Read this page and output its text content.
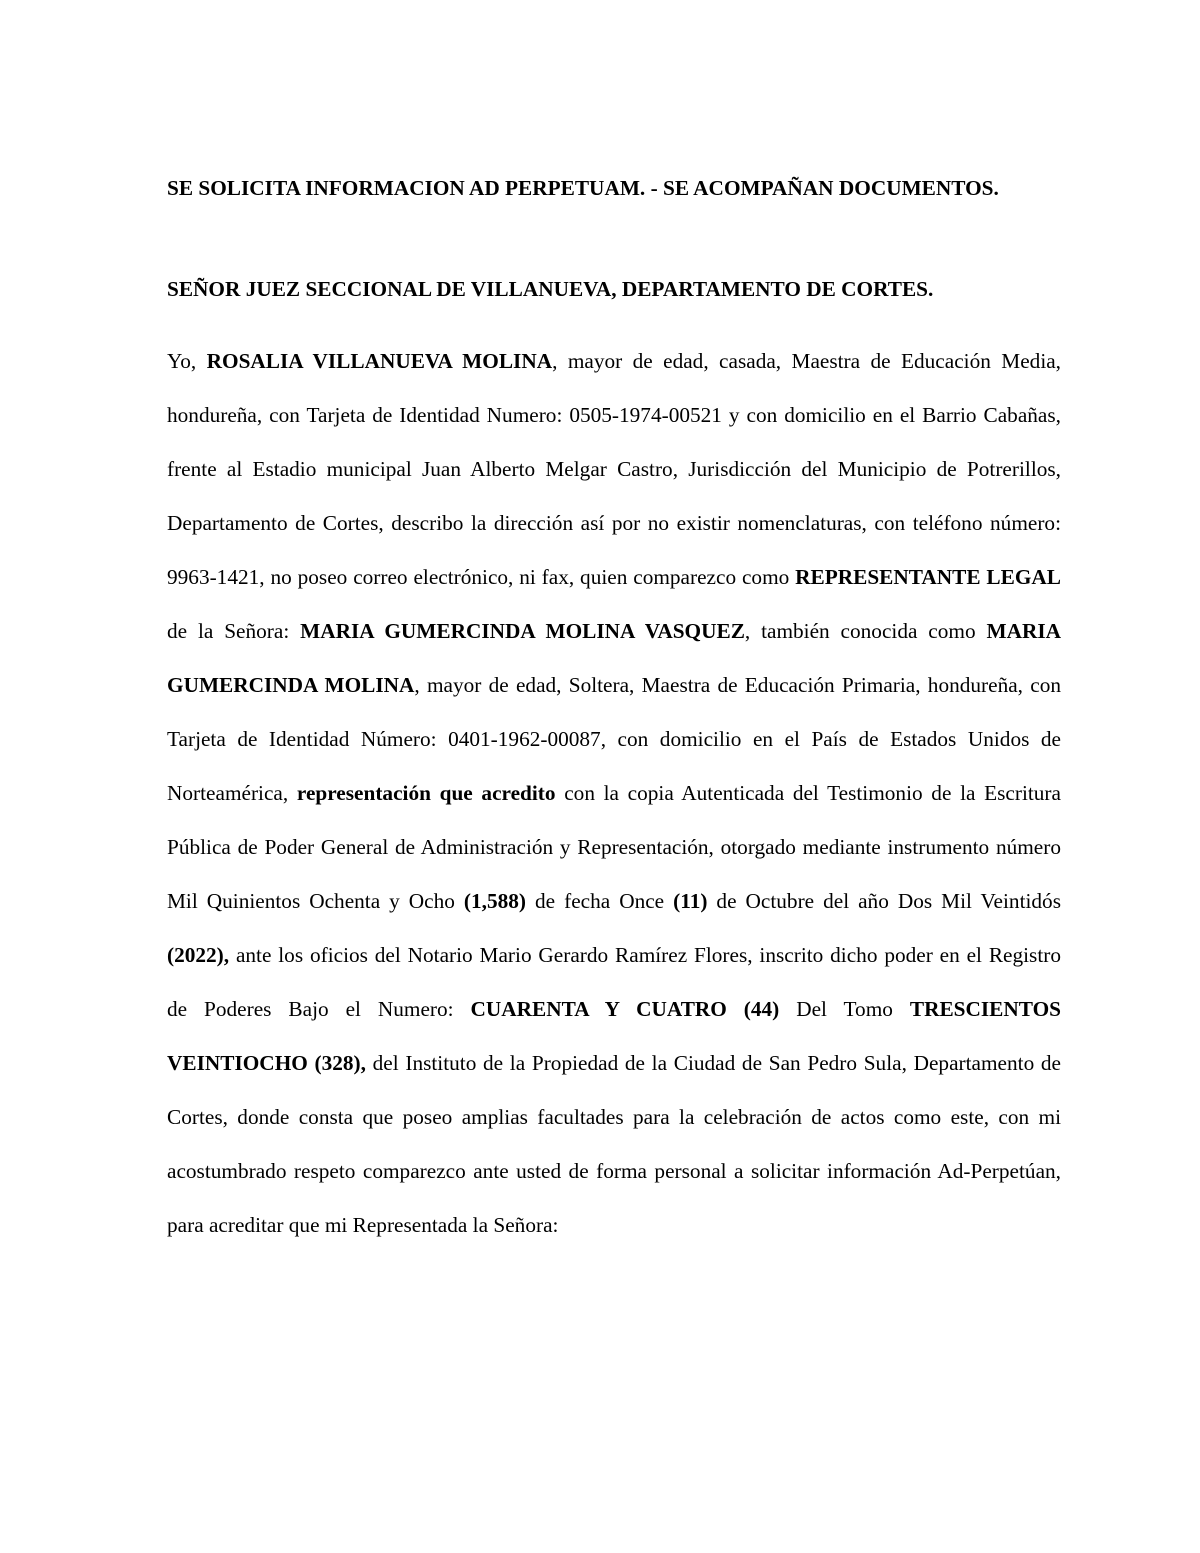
SE SOLICITA INFORMACION AD PERPETUAM. - SE ACOMPAÑAN DOCUMENTOS.

SEÑOR JUEZ SECCIONAL DE VILLANUEVA, DEPARTAMENTO DE CORTES.

Yo, ROSALIA VILLANUEVA MOLINA, mayor de edad, casada, Maestra de Educación Media, hondureña, con Tarjeta de Identidad Numero: 0505-1974-00521 y con domicilio en el Barrio Cabañas, frente al Estadio municipal Juan Alberto Melgar Castro, Jurisdicción del Municipio de Potrerillos, Departamento de Cortes, describo la dirección así por no existir nomenclaturas, con teléfono número: 9963-1421, no poseo correo electrónico, ni fax, quien comparezco como REPRESENTANTE LEGAL de la Señora: MARIA GUMERCINDA MOLINA VASQUEZ, también conocida como MARIA GUMERCINDA MOLINA, mayor de edad, Soltera, Maestra de Educación Primaria, hondureña, con Tarjeta de Identidad Número: 0401-1962-00087, con domicilio en el País de Estados Unidos de Norteamérica, representación que acredito con la copia Autenticada del Testimonio de la Escritura Pública de Poder General de Administración y Representación, otorgado mediante instrumento número Mil Quinientos Ochenta y Ocho (1,588) de fecha Once (11) de Octubre del año Dos Mil Veintidós (2022), ante los oficios del Notario Mario Gerardo Ramírez Flores, inscrito dicho poder en el Registro de Poderes Bajo el Numero: CUARENTA Y CUATRO (44) Del Tomo TRESCIENTOS VEINTIOCHO (328), del Instituto de la Propiedad de la Ciudad de San Pedro Sula, Departamento de Cortes, donde consta que poseo amplias facultades para la celebración de actos como este, con mi acostumbrado respeto comparezco ante usted de forma personal a solicitar información Ad-Perpetúan, para acreditar que mi Representada la Señora:
